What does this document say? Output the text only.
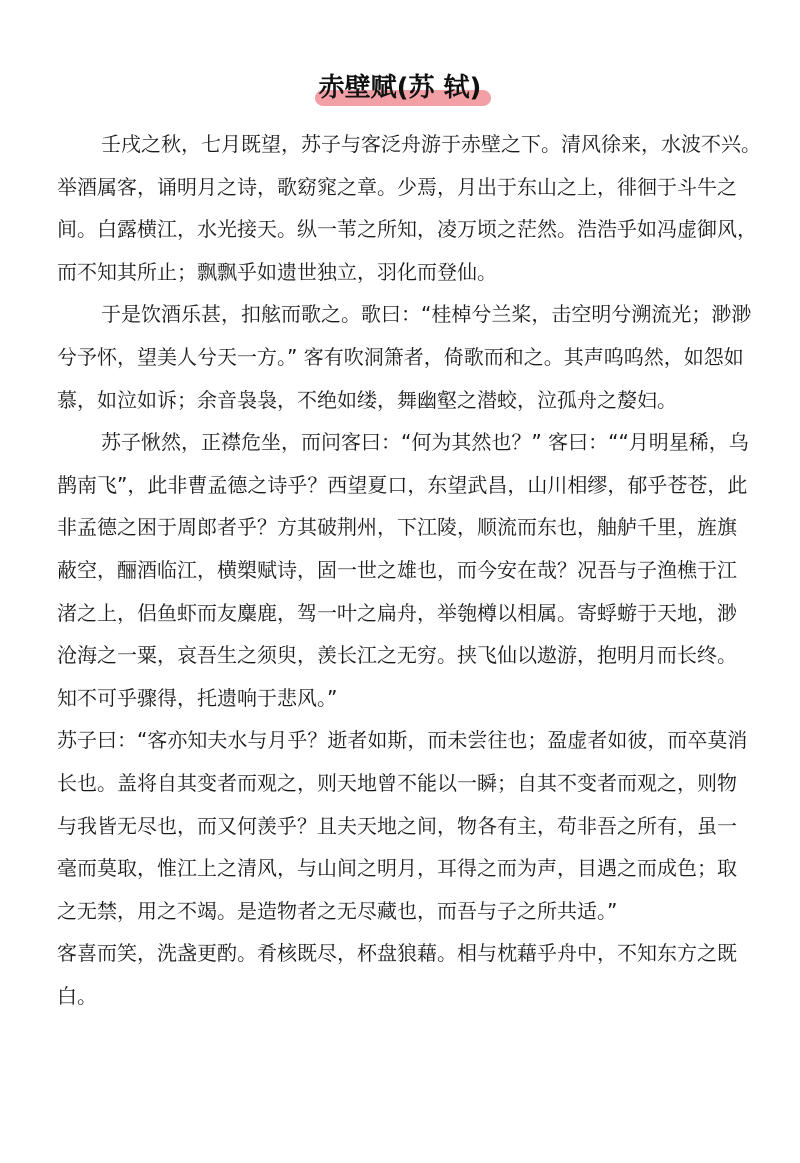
赤壁赋(苏 轼)
壬戌之秋，七月既望，苏子与客泛舟游于赤壁之下。清风徐来，水波不兴。
举酒属客，诵明月之诗，歌窈窕之章。少焉，月出于东山之上，徘徊于斗牛之
间。白露横江，水光接天。纵一苇之所知，凌万顷之茫然。浩浩乎如冯虚御风，
而不知其所止；飘飘乎如遗世独立，羽化而登仙。
于是饮酒乐甚，扣舷而歌之。歌曰：“桂棹兮兰桨，击空明兮溯流光；渺渺
兮予怀，望美人兮天一方。” 客有吹洞箫者，倚歌而和之。其声呜呜然，如怨如
慕，如泣如诉；余音袅袅，不绝如缕，舞幽壑之潜蛟，泣孤舟之嫠妇。
苏子愀然，正襟危坐，而问客曰：“何为其然也？” 客曰：““月明星稀，乌
鹊南飞”，此非曹孟德之诗乎？西望夏口，东望武昌，山川相缪，郁乎苍苍，此
非孟德之困于周郎者乎？方其破荆州，下江陵，顺流而东也，舳舻千里，旌旗
蔽空，酾酒临江，横槊赋诗，固一世之雄也，而今安在哉？况吾与子渔樵于江
渚之上，侣鱼虾而友麋鹿，驾一叶之扁舟，举匏樽以相属。寄蜉蝣于天地，渺
沧海之一粟，哀吾生之须臾，羡长江之无穷。挟飞仙以遨游，抱明月而长终。
知不可乎骤得，托遗响于悲风。”
苏子曰：“客亦知夫水与月乎？逝者如斯，而未尝往也；盈虚者如彼，而卒莫消
长也。盖将自其变者而观之，则天地曾不能以一瞬；自其不变者而观之，则物
与我皆无尽也，而又何羡乎？且夫天地之间，物各有主，苟非吾之所有，虽一
毫而莫取，惟江上之清风，与山间之明月，耳得之而为声，目遇之而成色；取
之无禁，用之不竭。是造物者之无尽藏也，而吾与子之所共适。”
客喜而笑，洗盏更酌。肴核既尽，杯盘狼藉。相与枕藉乎舟中，不知东方之既
白。
